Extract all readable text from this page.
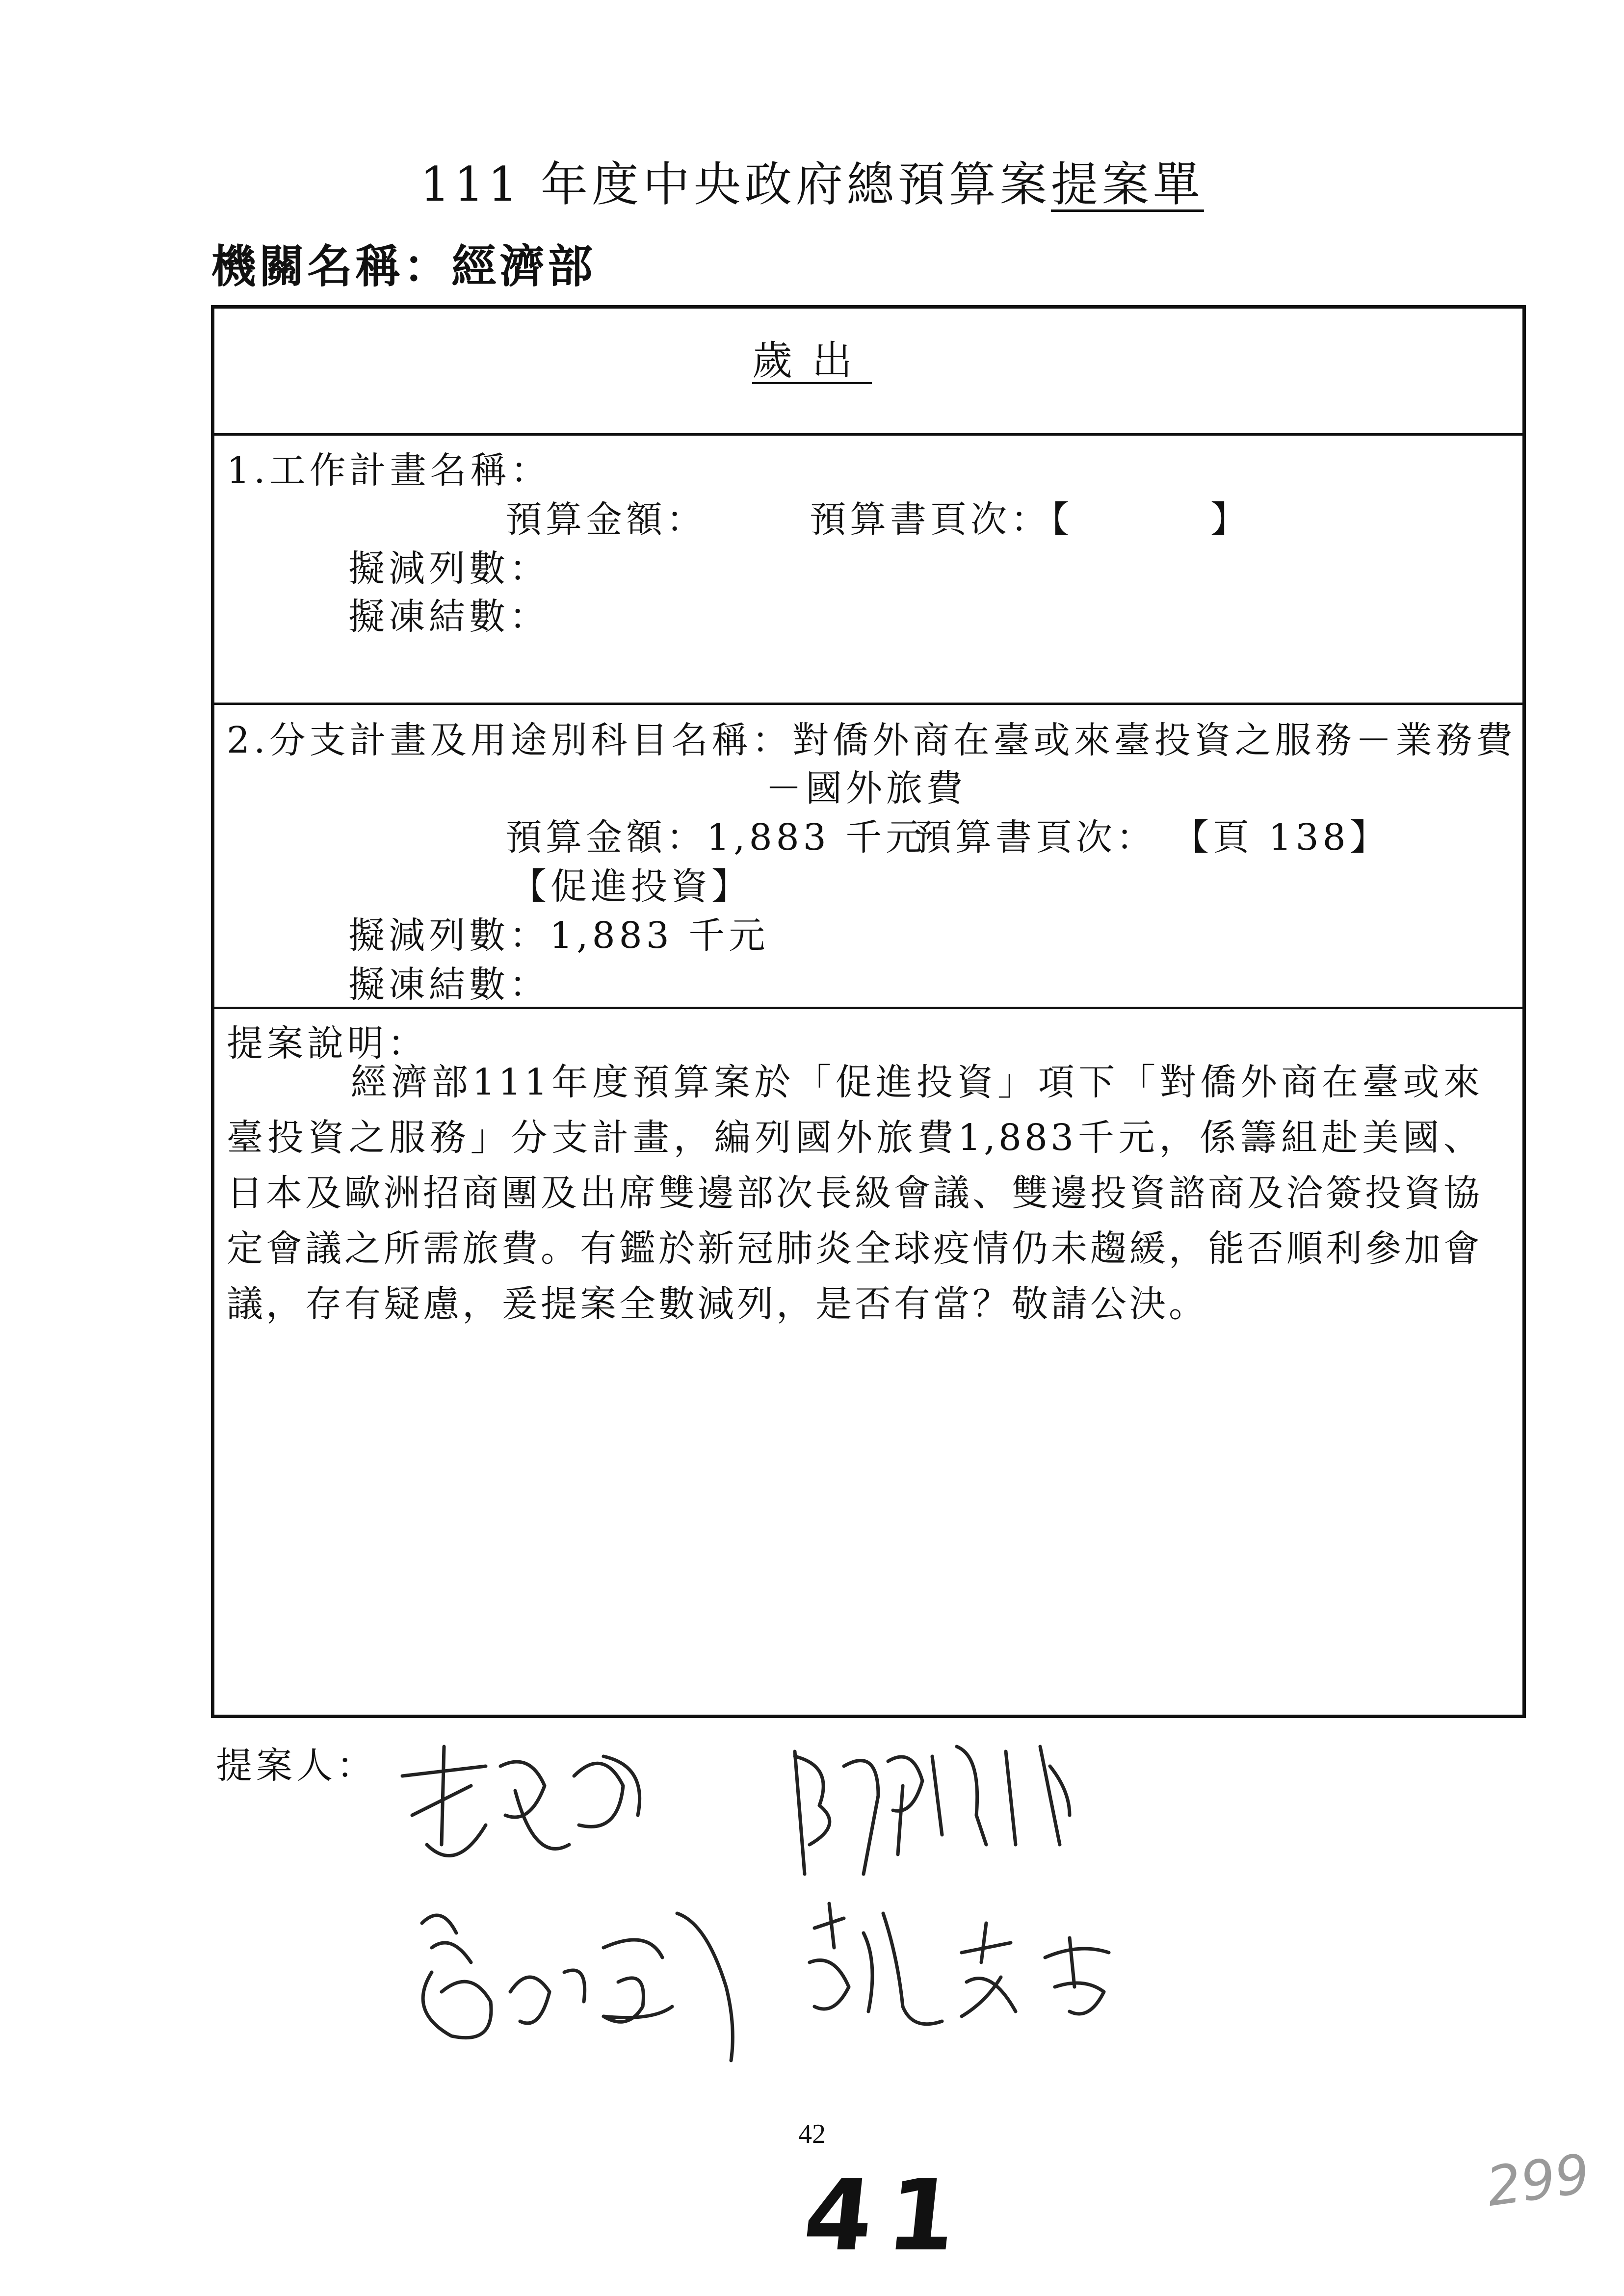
111 年度中央政府總預算案提案單
機關名稱：經濟部
歲出
1.工作計畫名稱：
預算金額：	預算書頁次：【	】
擬減列數：
擬凍結數：
2.分支計畫及用途別科目名稱：對僑外商在臺或來臺投資之服務－業務費
－國外旅費
預算金額：1,883 千元
預算書頁次： 【頁 138】
【促進投資】
擬減列數：1,883 千元
擬凍結數：
提案說明：
經濟部111年度預算案於「促進投資」項下「對僑外商在臺或來臺投資之服務」分支計畫，編列國外旅費1,883千元，係籌組赴美國、日本及歐洲招商團及出席雙邊部次長級會議、雙邊投資諮商及洽簽投資協定會議之所需旅費。有鑑於新冠肺炎全球疫情仍未趨緩，能否順利參加會議，存有疑慮，爰提案全數減列，是否有當？敬請公決。
提案人：
42
41	299
